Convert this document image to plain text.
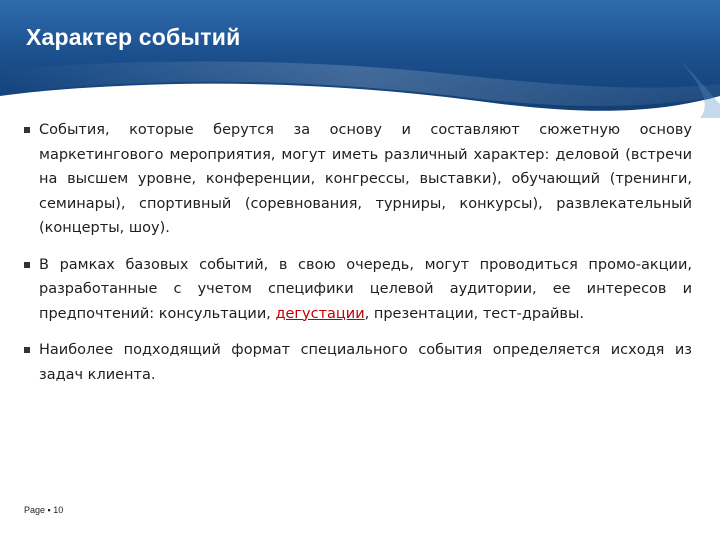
Характер событий

События, которые берутся за основу и составляют сюжетную основу маркетингового мероприятия, могут иметь различный характер: деловой (встречи на высшем уровне, конференции, конгрессы, выставки), обучающий (тренинги, семинары), спортивный (соревнования, турниры, конкурсы), развлекательный (концерты, шоу).

В рамках базовых событий, в свою очередь, могут проводиться промо-акции, разработанные с учетом специфики целевой аудитории, ее интересов и предпочтений: консультации, дегустации, презентации, тест-драйвы.

Наиболее подходящий формат специального события определяется исходя из задач клиента.

Page ▪ 10
